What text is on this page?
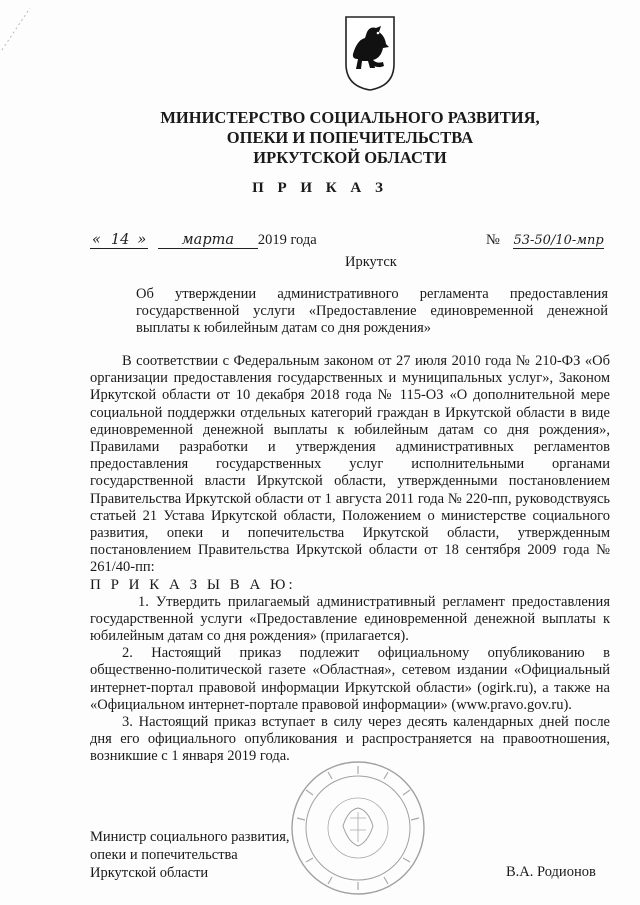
МИНИСТЕРСТВО СОЦИАЛЬНОГО РАЗВИТИЯ,
ОПЕКИ И ПОПЕЧИТЕЛЬСТВА
ИРКУТСКОЙ ОБЛАСТИ
П Р И К А З
« 14 » марта 2019 года	№ 53-50/10-мпр
Иркутск
Об утверждении административного регламента предоставления государственной услуги «Предоставление единовременной денежной выплаты к юбилейным датам со дня рождения»

В соответствии с Федеральным законом от 27 июля 2010 года № 210-ФЗ «Об организации предоставления государственных и муниципальных услуг», Законом Иркутской области от 10 декабря 2018 года № 115-ОЗ «О дополнительной мере социальной поддержки отдельных категорий граждан в Иркутской области в виде единовременной денежной выплаты к юбилейным датам со дня рождения», Правилами разработки и утверждения административных регламентов предоставления государственных услуг исполнительными органами государственной власти Иркутской области, утвержденными постановлением Правительства Иркутской области от 1 августа 2011 года № 220-пп, руководствуясь статьей 21 Устава Иркутской области, Положением о министерстве социального развития, опеки и попечительства Иркутской области, утвержденным постановлением Правительства Иркутской области от 18 сентября 2009 года № 261/40-пп:

П Р И К А З Ы В А Ю:

1. Утвердить прилагаемый административный регламент предоставления государственной услуги «Предоставление единовременной денежной выплаты к юбилейным датам со дня рождения» (прилагается).

2. Настоящий приказ подлежит официальному опубликованию в общественно-политической газете «Областная», сетевом издании «Официальный интернет-портал правовой информации Иркутской области» (ogirk.ru), а также на «Официальном интернет-портале правовой информации» (www.pravo.gov.ru).

3. Настоящий приказ вступает в силу через десять календарных дней после дня его официального опубликования и распространяется на правоотношения, возникшие с 1 января 2019 года.

Министр социального развития,
опеки и попечительства
Иркутской области	В.А. Родионов
